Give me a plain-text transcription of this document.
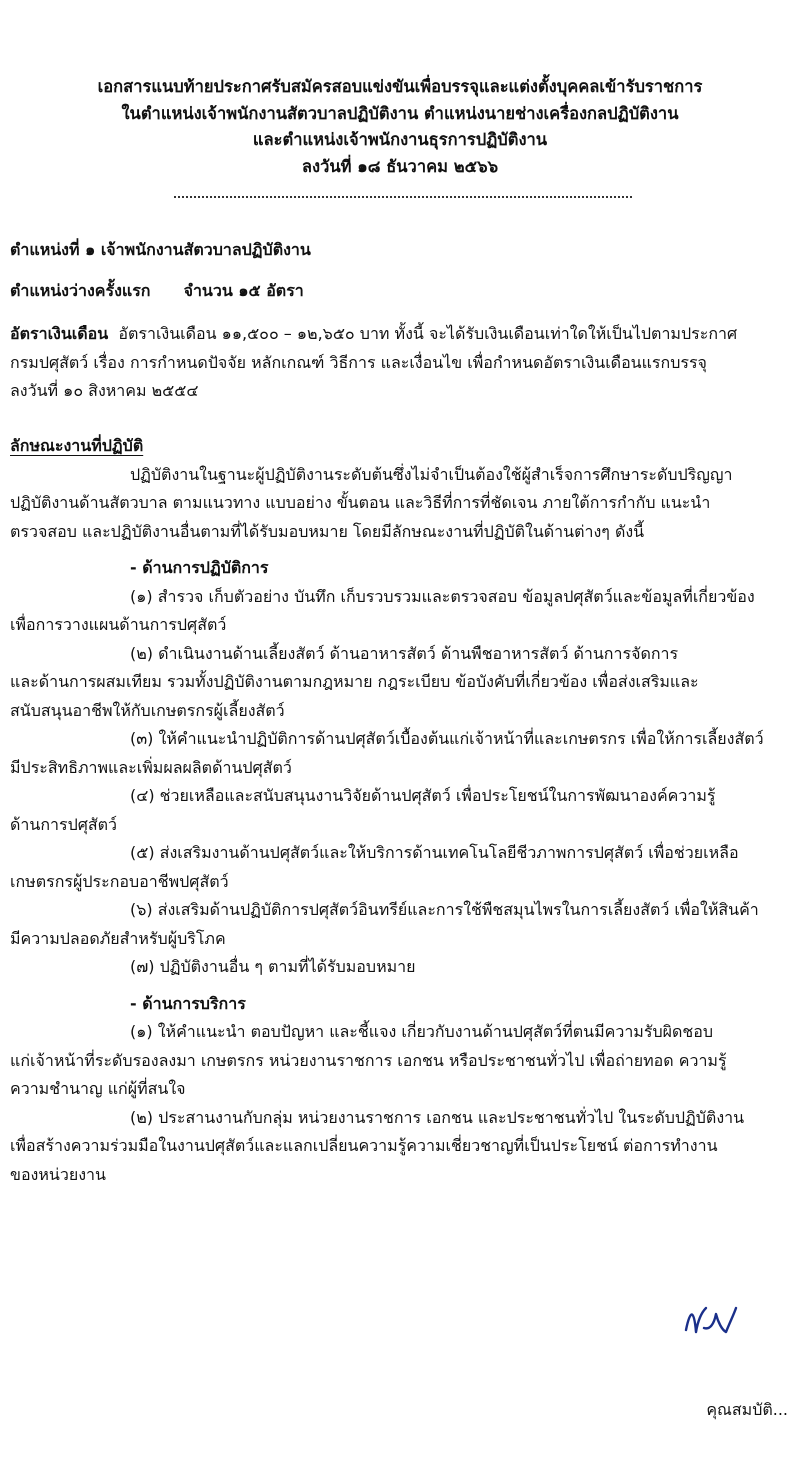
เอกสารแนบท้ายประกาศรับสมัครสอบแข่งขันเพื่อบรรจุและแต่งตั้งบุคคลเข้ารับราชการ
ในตำแหน่งเจ้าพนักงานสัตวบาลปฏิบัติงาน ตำแหน่งนายช่างเครื่องกลปฏิบัติงาน
และตำแหน่งเจ้าพนักงานธุรการปฏิบัติงาน
ลงวันที่ ๑๘ ธันวาคม ๒๕๖๖
ตำแหน่งที่ ๑ เจ้าพนักงานสัตวบาลปฏิบัติงาน
ตำแหน่งว่างครั้งแรก จำนวน ๑๕ อัตรา

อัตราเงินเดือน อัตราเงินเดือน ๑๑,๕๐๐ – ๑๒,๖๕๐ บาท ทั้งนี้ จะได้รับเงินเดือนเท่าใดให้เป็นไปตามประกาศ

กรมปศุสัตว์ เรื่อง การกำหนดปัจจัย หลักเกณฑ์ วิธีการ และเงื่อนไข เพื่อกำหนดอัตราเงินเดือนแรกบรรจุ

ลงวันที่ ๑๐ สิงหาคม ๒๕๕๔

ลักษณะงานที่ปฏิบัติ

ปฏิบัติงานในฐานะผู้ปฏิบัติงานระดับต้นซึ่งไม่จำเป็นต้องใช้ผู้สำเร็จการศึกษาระดับปริญญา

ปฏิบัติงานด้านสัตวบาล ตามแนวทาง แบบอย่าง ขั้นตอน และวิธีที่การที่ชัดเจน ภายใต้การกำกับ แนะนำ

ตรวจสอบ และปฏิบัติงานอื่นตามที่ได้รับมอบหมาย โดยมีลักษณะงานที่ปฏิบัติในด้านต่างๆ ดังนี้

- ด้านการปฏิบัติการ

(๑) สำรวจ เก็บตัวอย่าง บันทึก เก็บรวบรวมและตรวจสอบ ข้อมูลปศุสัตว์และข้อมูลที่เกี่ยวข้อง

เพื่อการวางแผนด้านการปศุสัตว์

(๒) ดำเนินงานด้านเลี้ยงสัตว์ ด้านอาหารสัตว์ ด้านพืชอาหารสัตว์ ด้านการจัดการ

และด้านการผสมเทียม รวมทั้งปฏิบัติงานตามกฎหมาย กฎระเบียบ ข้อบังคับที่เกี่ยวข้อง เพื่อส่งเสริมและ

สนับสนุนอาชีพให้กับเกษตรกรผู้เลี้ยงสัตว์

(๓) ให้คำแนะนำปฏิบัติการด้านปศุสัตว์เบื้องต้นแก่เจ้าหน้าที่และเกษตรกร เพื่อให้การเลี้ยงสัตว์

มีประสิทธิภาพและเพิ่มผลผลิตด้านปศุสัตว์

(๔) ช่วยเหลือและสนับสนุนงานวิจัยด้านปศุสัตว์ เพื่อประโยชน์ในการพัฒนาองค์ความรู้

ด้านการปศุสัตว์

(๕) ส่งเสริมงานด้านปศุสัตว์และให้บริการด้านเทคโนโลยีชีวภาพการปศุสัตว์ เพื่อช่วยเหลือ

เกษตรกรผู้ประกอบอาชีพปศุสัตว์

(๖) ส่งเสริมด้านปฏิบัติการปศุสัตว์อินทรีย์และการใช้พืชสมุนไพรในการเลี้ยงสัตว์ เพื่อให้สินค้า

มีความปลอดภัยสำหรับผู้บริโภค

(๗) ปฏิบัติงานอื่น ๆ ตามที่ได้รับมอบหมาย

- ด้านการบริการ

(๑) ให้คำแนะนำ ตอบปัญหา และชี้แจง เกี่ยวกับงานด้านปศุสัตว์ที่ตนมีความรับผิดชอบ

แก่เจ้าหน้าที่ระดับรองลงมา เกษตรกร หน่วยงานราชการ เอกชน หรือประชาชนทั่วไป เพื่อถ่ายทอด ความรู้

ความชำนาญ แก่ผู้ที่สนใจ

(๒) ประสานงานกับกลุ่ม หน่วยงานราชการ เอกชน และประชาชนทั่วไป ในระดับปฏิบัติงาน

เพื่อสร้างความร่วมมือในงานปศุสัตว์และแลกเปลี่ยนความรู้ความเชี่ยวชาญที่เป็นประโยชน์ ต่อการทำงาน

ของหน่วยงาน

คุณสมบัติ...
